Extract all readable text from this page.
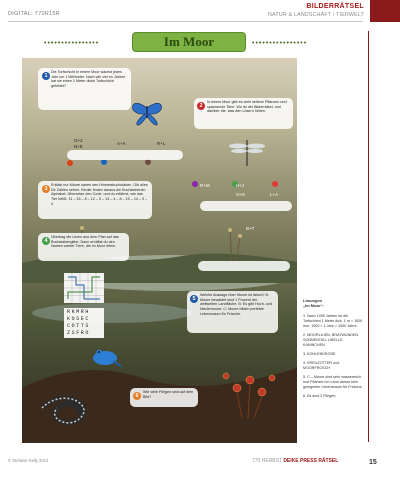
DIGITAL: 770R15R
BILDERRÄTSEL
NATUR & LANDSCHAFT / TIERWELT
••••••••••••••••	Im Moor	••••••••••••••••
Die Torfschicht in einem Moor wächst jedes Jahr um 1 Millimeter. Nach wie viel en Jahren hat sie einen 1 Meter dicke Torfschicht gebildet?
1
In einem Moor gibt es viele seltene Pflanzen und spannende Tiere. Wo ist der Bilderrätsel, und darüber die, was den Lösern hinten.
2
O+2
N+8
A+A	R+L
Erkläst nur Moore sahen den Hinweisbuchstaben. Gib alles Dir Zahlen sehen. Kinder finden daraus die Buchstabenim Alphabet. Übersetze den Code, und du erfährst, wie das Tier heißt. 11 – 15 – 8 – 12 – 5 – 14 – 4 – 8 – 15 – 14 – 9 – 4
3
R+M	H+J
O+E	L+A
Übertrag die Linien aus dem Plan auf das Buchstabengitter. Dann erhältst du den Namen zweier Tiere, die im Moor leben.
4
B+T
RKMRH
KOSEC
COTTS
ZSFRO
Welche Aussage über Moore ist falsch? A: Moore bewaldet sind 1 Prozent der weltweiten Landfläche. B: Es gibt Hoch- und Niedermoore. C: Moore bilden perfekte Lebensraum für Frösche.
5
Wie viele Fliegen sind auf dem Bild?
6
Lösungen
„Im Moor“:
1. Nach 1000 Jahren ist die Torfschicht 1 Meter dick. 1 m = 1000 mm, 1000 × 1 Jahr = 1000 Jahre.
2. MOORLILIEN, BRATWUNDEN, SONNENTAU, LIBELLE, KANINCHEN.
3. KOHLENDROSE
4. KREUZOTTER und MOORFROSCH
5. C – Moore sind sehr wasserreich und Pflanzen im Land darum kein geeigneter Lebensraum für Frösche.
6. Es sind 2 Fliegen.
© Stefanie Kelly 2013	770 HERBST DEIKE PRESS RÄTSEL	15
